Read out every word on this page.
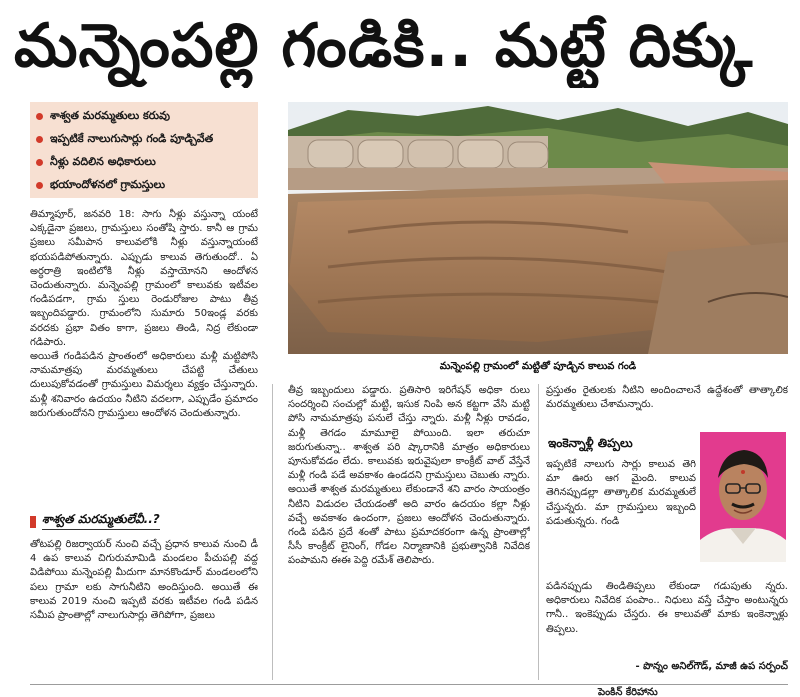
మన్నెంపల్లి గండికి.. మట్టే దిక్కు
శాశ్వత మరమ్మతులు కరువు
ఇప్పటికే నాలుగుసార్లు గండి పూడ్చివేత
నీళ్లు వదిలిన అధికారులు
భయాందోళనలో గ్రామస్తులు
మన్నెంపల్లి గ్రామంలో మట్టితో పూడ్చిన కాలువ గండి

తిమ్మాపూర్, జనవరి 18: సాగు నీళ్లు వస్తున్నా యంటే ఎక్కడైనా ప్రజలు, గ్రామస్తులు సంతోషి స్తారు. కానీ ఆ గ్రామ ప్రజలు సమీపాన కాలువలోకి నీళ్లు వస్తున్నాయంటే భయపడిపోతున్నారు. ఎప్పుడు కాలువ తెగుతుందో.. ఏ అర్ధరాత్రి ఇంటిలోకి నీళ్లు వస్తాయోనని ఆందోళన చెందుతున్నారు. మన్నెంపల్లి గ్రామంలో కాలువకు ఇటీవల గండిపడగా, గ్రామ స్తులు రెండురోజుల పాటు తీవ్ర ఇబ్బందిపడ్డారు. గ్రామంలోని సుమారు 50ఇండ్ల వరకు వరదకు ప్రభా వితం కాగా, ప్రజలు తిండి, నిద్ర లేకుండా గడిపారు.

అయితే గండిపడిన ప్రాంతంలో అధికారులు మళ్లీ మట్టిపోసి నామమాత్రపు మరమ్మతులు చేపట్టి చేతులు దులుపుకోవడంతో గ్రామస్తులు విమర్శలు వ్యక్తం చేస్తున్నారు. మళ్లీ శనివారం ఉదయం నీటిని వదలగా, ఎప్పుడేం ప్రమాదం జరుగుతుందోనని గ్రామస్తులు ఆందోళన చెందుతున్నారు.

శాశ్వత మరమ్మతులేవీ..?

తోటపల్లి రిజర్వాయర్ నుంచి వచ్చే ప్రధాన కాలువ నుంచి డీ 4 ఉప కాలువ చిగురుమామిడి మండలం పీచుపల్లి వద్ద విడిపోయి మన్నెంపల్లి మీదుగా మానకొండూర్ మండలంలోని పలు గ్రామా లకు సాగునీటిని అందిస్తుంది. అయితే ఈ కాలువ 2019 నుంచి ఇప్పటి వరకు ఇటీవల గండి పడిన సమీప ప్రాంతాల్లో నాలుగుసార్లు తెగిపోగా, ప్రజలు

తీవ్ర ఇబ్బందులు పడ్డారు. ప్రతిసారి ఇరిగేషన్ అధికా రులు సందర్శించి సంచుల్లో మట్టి, ఇసుక నింపి అన కట్టగా వేసి మట్టి పోసి నామమాత్రపు పనులే చేస్తు న్నారు. మళ్లీ నీళ్లు రావడం, మళ్లీ తెగడం మామూలై పోయింది. ఇలా తరుచూ జరుగుతున్నా.. శాశ్వత పరి ష్కారానికి మాత్రం అధికారులు పూనుకోవడం లేదు. కాలువకు ఇరువైపులా కాంక్రీట్ వాల్ వేస్తేనే మళ్లీ గండి పడే అవకాశం ఉండదని గ్రామస్తులు చెబుతు న్నారు. అయితే శాశ్వత మరమ్మతులు లేకుండానే శని వారం సాయంత్రం నీటిని విడుదల చేయడంతో అది వారం ఉదయం కల్లా నీళ్లు వచ్చే అవకాశం ఉందంగా, ప్రజలు ఆందోళన చెందుతున్నారు. గండి పడిన ప్రదే శంతో పాటు ప్రమాదకరంగా ఉన్న ప్రాంతాల్లో సీసీ కాంక్రీట్ లైనింగ్, గోడల నిర్మాణానికి ప్రభుత్వానికి నివేదిక పంపామని ఈఈ పెద్ది రమేశ్ తెలిపారు.

ప్రస్తుతం రైతులకు నీటిని అందించాలనే ఉద్దేశంతో తాత్కాలిక మరమ్మతులు చేశామన్నారు.

ఇంకెన్నాళ్లీ తిప్పలు

ఇప్పటికే నాలుగు సార్లు కాలువ తెగి మా ఊరు ఆగ మైంది. కాలువ తెగినప్పుడల్లా తాత్కాలిక మరమ్మతులే చేస్తున్నరు. మా గ్రామస్తులు ఇబ్బంది పడుతున్నరు. గండి

పడినప్పుడు తిండితిప్పలు లేకుండా గడుపుతు న్నరు. అధికారులు నివేదిక పంపాం.. నిధులు వస్తే చేస్తాం అంటున్నరు గానీ.. ఇంకెప్పుడు చేస్తరు. ఈ కాలువతో మాకు ఇంకెన్నాళ్లు తిప్పలు.

- పొన్నం అనిల్‌గౌడ్, మాజీ ఉప సర్పంచ్
పెంకిన్ కేరిహాను
